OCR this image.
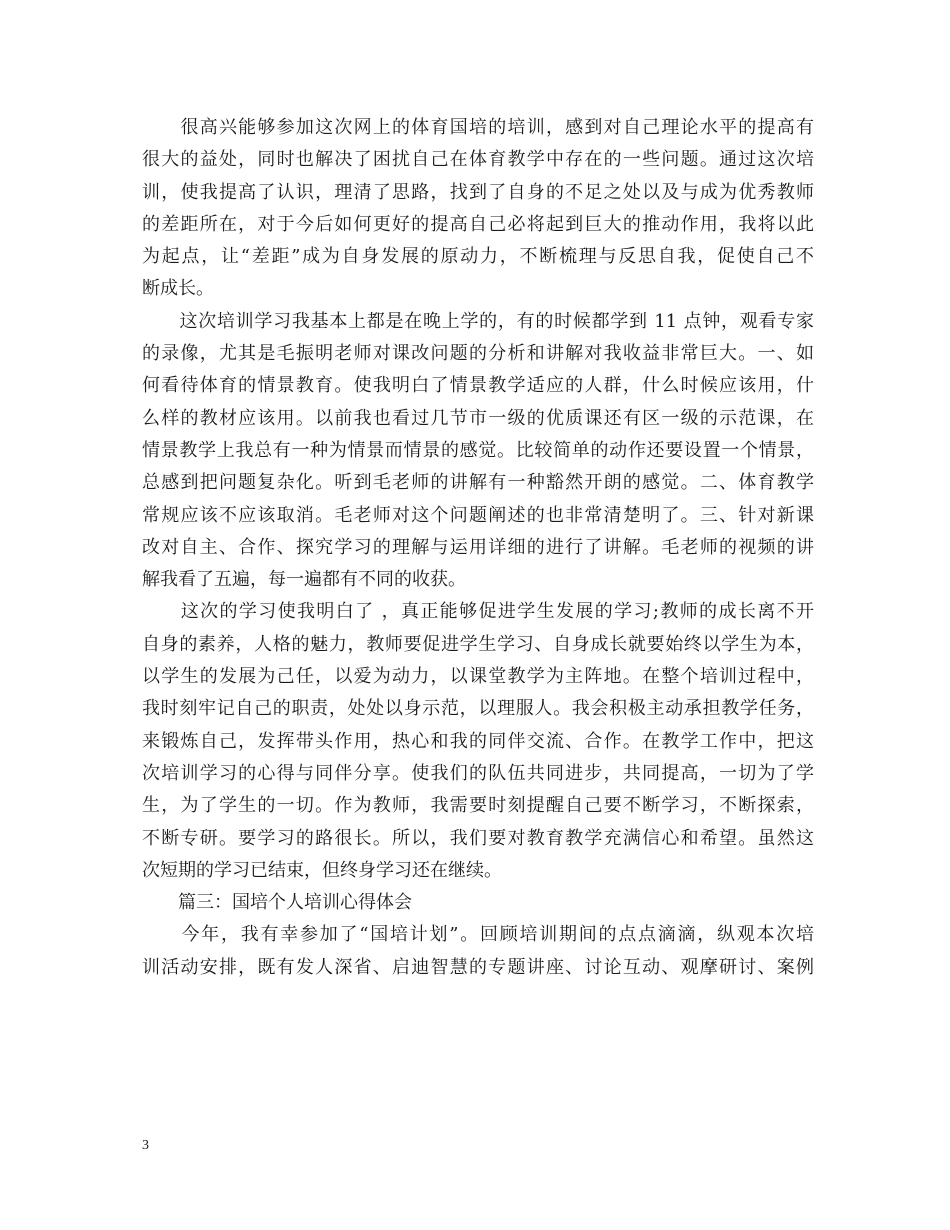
　　很高兴能够参加这次网上的体育国培的培训，感到对自己理论水平的提高有

很大的益处，同时也解决了困扰自己在体育教学中存在的一些问题。通过这次培

训，使我提高了认识，理清了思路，找到了自身的不足之处以及与成为优秀教师

的差距所在，对于今后如何更好的提高自己必将起到巨大的推动作用，我将以此

为起点，让“差距”成为自身发展的原动力，不断梳理与反思自我，促使自己不

断成长。

　　这次培训学习我基本上都是在晚上学的，有的时候都学到 11 点钟，观看专家

的录像，尤其是毛振明老师对课改问题的分析和讲解对我收益非常巨大。一、如

何看待体育的情景教育。使我明白了情景教学适应的人群，什么时候应该用，什

么样的教材应该用。以前我也看过几节市一级的优质课还有区一级的示范课，在

情景教学上我总有一种为情景而情景的感觉。比较简单的动作还要设置一个情景，

总感到把问题复杂化。听到毛老师的讲解有一种豁然开朗的感觉。二、体育教学

常规应该不应该取消。毛老师对这个问题阐述的也非常清楚明了。三、针对新课

改对自主、合作、探究学习的理解与运用详细的进行了讲解。毛老师的视频的讲

解我看了五遍，每一遍都有不同的收获。

　　这次的学习使我明白了 ，真正能够促进学生发展的学习;教师的成长离不开

自身的素养，人格的魅力，教师要促进学生学习、自身成长就要始终以学生为本，

以学生的发展为己任，以爱为动力，以课堂教学为主阵地。在整个培训过程中，

我时刻牢记自己的职责，处处以身示范，以理服人。我会积极主动承担教学任务，

来锻炼自己，发挥带头作用，热心和我的同伴交流、合作。在教学工作中，把这

次培训学习的心得与同伴分享。使我们的队伍共同进步，共同提高，一切为了学

生，为了学生的一切。作为教师，我需要时刻提醒自己要不断学习，不断探索，

不断专研。要学习的路很长。所以，我们要对教育教学充满信心和希望。虽然这

次短期的学习已结束，但终身学习还在继续。

　　篇三：国培个人培训心得体会

　　今年，我有幸参加了“国培计划”。回顾培训期间的点点滴滴，纵观本次培

训活动安排，既有发人深省、启迪智慧的专题讲座、讨论互动、观摩研讨、案例

3
